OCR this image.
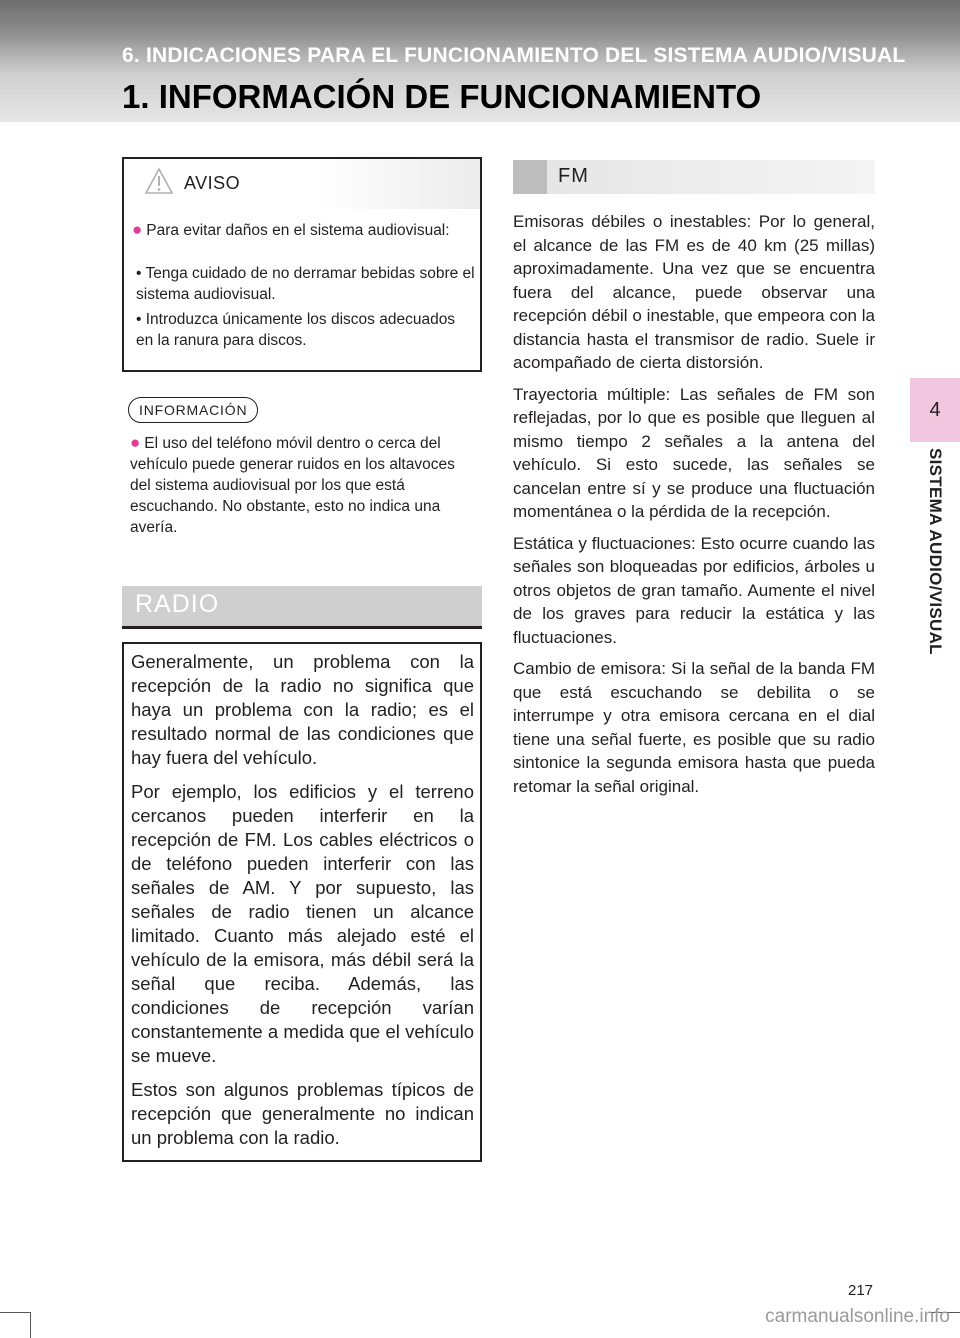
6. INDICACIONES PARA EL FUNCIONAMIENTO DEL SISTEMA AUDIO/VISUAL
1. INFORMACIÓN DE FUNCIONAMIENTO
4
SISTEMA AUDIO/VISUAL
AVISO
● Para evitar daños en el sistema audiovisual:
• Tenga cuidado de no derramar bebidas sobre el sistema audiovisual.
• Introduzca únicamente los discos adecuados en la ranura para discos.
INFORMACIÓN
● El uso del teléfono móvil dentro o cerca del vehículo puede generar ruidos en los altavoces del sistema audiovisual por los que está escuchando. No obstante, esto no indica una avería.
RADIO

Generalmente, un problema con la recepción de la radio no significa que haya un problema con la radio; es el resultado normal de las condiciones que hay fuera del vehículo.

Por ejemplo, los edificios y el terreno cercanos pueden interferir en la recepción de FM. Los cables eléctricos o de teléfono pueden interferir con las señales de AM. Y por supuesto, las señales de radio tienen un alcance limitado. Cuanto más alejado esté el vehículo de la emisora, más débil será la señal que reciba. Además, las condiciones de recepción varían constantemente a medida que el vehículo se mueve.

Estos son algunos problemas típicos de recepción que generalmente no indican un problema con la radio.

FM

Emisoras débiles o inestables: Por lo general, el alcance de las FM es de 40 km (25 millas) aproximadamente. Una vez que se encuentra fuera del alcance, puede observar una recepción débil o inestable, que empeora con la distancia hasta el transmisor de radio. Suele ir acompañado de cierta distorsión.

Trayectoria múltiple: Las señales de FM son reflejadas, por lo que es posible que lleguen al mismo tiempo 2 señales a la antena del vehículo. Si esto sucede, las señales se cancelan entre sí y se produce una fluctuación momentánea o la pérdida de la recepción.

Estática y fluctuaciones: Esto ocurre cuando las señales son bloqueadas por edificios, árboles u otros objetos de gran tamaño. Aumente el nivel de los graves para reducir la estática y las fluctuaciones.

Cambio de emisora: Si la señal de la banda FM que está escuchando se debilita o se interrumpe y otra emisora cercana en el dial tiene una señal fuerte, es posible que su radio sintonice la segunda emisora hasta que pueda retomar la señal original.

217
carmanualsonline.info
